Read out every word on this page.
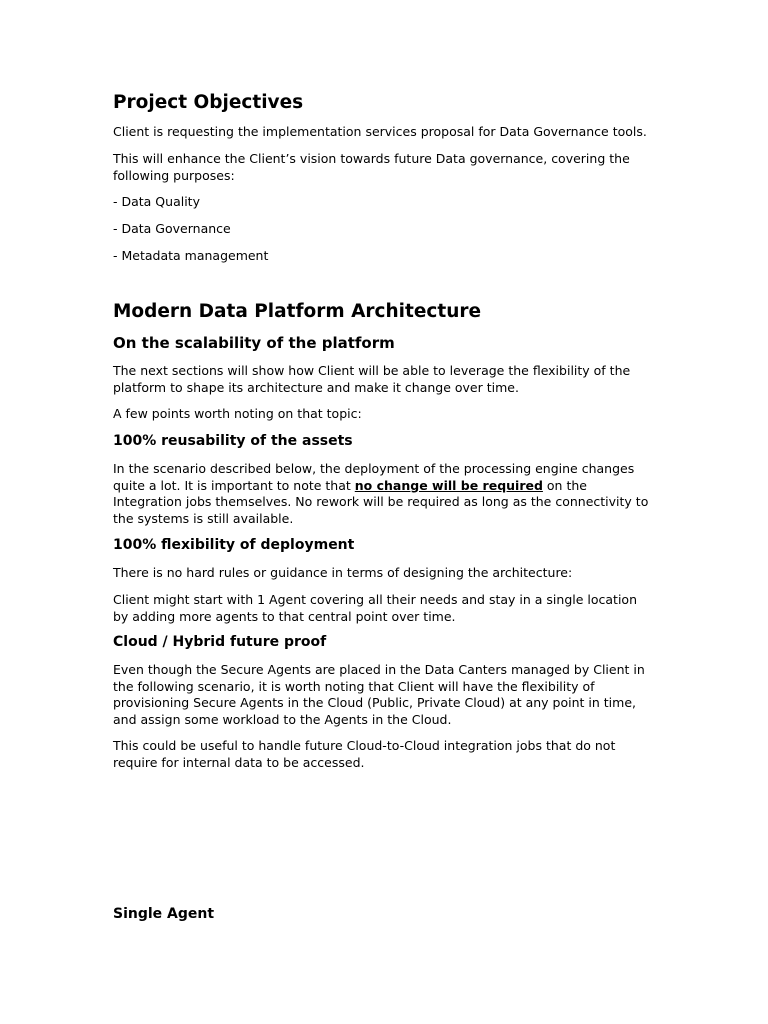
Project Objectives

Client is requesting the implementation services proposal for Data Governance tools.

This will enhance the Client’s vision towards future Data governance, covering the following purposes:

- Data Quality

- Data Governance

- Metadata management

Modern Data Platform Architecture
On the scalability of the platform

The next sections will show how Client will be able to leverage the flexibility of the platform to shape its architecture and make it change over time.

A few points worth noting on that topic:

100% reusability of the assets

In the scenario described below, the deployment of the processing engine changes quite a lot. It is important to note that no change will be required on the Integration jobs themselves. No rework will be required as long as the connectivity to the systems is still available.

100% flexibility of deployment

There is no hard rules or guidance in terms of designing the architecture:

Client might start with 1 Agent covering all their needs and stay in a single location by adding more agents to that central point over time.

Cloud / Hybrid future proof

Even though the Secure Agents are placed in the Data Canters managed by Client in the following scenario, it is worth noting that Client will have the flexibility of provisioning Secure Agents in the Cloud (Public, Private Cloud) at any point in time, and assign some workload to the Agents in the Cloud.

This could be useful to handle future Cloud-to-Cloud integration jobs that do not require for internal data to be accessed.

Single Agent
